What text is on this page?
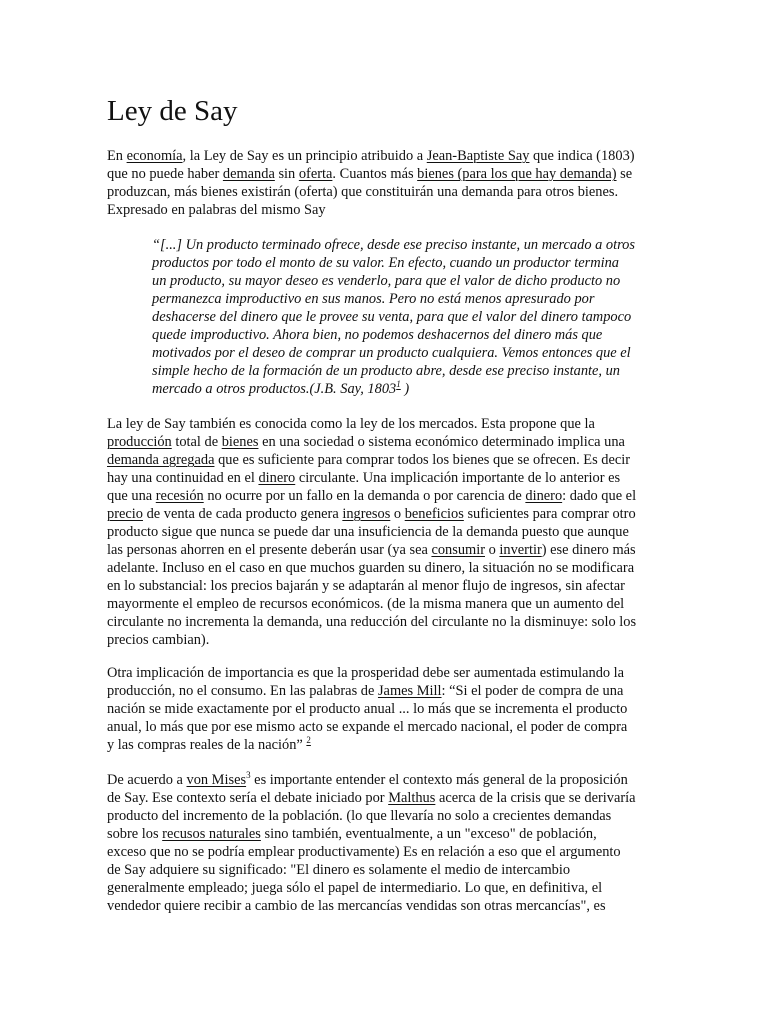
Ley de Say
En economía, la Ley de Say es un principio atribuido a Jean-Baptiste Say que indica (1803)
que no puede haber demanda sin oferta. Cuantos más bienes (para los que hay demanda) se
produzcan, más bienes existirán (oferta) que constituirán una demanda para otros bienes.
Expresado en palabras del mismo Say
“[...] Un producto terminado ofrece, desde ese preciso instante, un mercado a otros
productos por todo el monto de su valor. En efecto, cuando un productor termina
un producto, su mayor deseo es venderlo, para que el valor de dicho producto no
permanezca improductivo en sus manos. Pero no está menos apresurado por
deshacerse del dinero que le provee su venta, para que el valor del dinero tampoco
quede improductivo. Ahora bien, no podemos deshacernos del dinero más que
motivados por el deseo de comprar un producto cualquiera. Vemos entonces que el
simple hecho de la formación de un producto abre, desde ese preciso instante, un
mercado a otros productos.(J.B. Say, 1803$^1$ )
La ley de Say también es conocida como la ley de los mercados. Esta propone que la
producción total de bienes en una sociedad o sistema económico determinado implica una
demanda agregada que es suficiente para comprar todos los bienes que se ofrecen. Es decir
hay una continuidad en el dinero circulante. Una implicación importante de lo anterior es
que una recesión no ocurre por un fallo en la demanda o por carencia de dinero: dado que el
precio de venta de cada producto genera ingresos o beneficios suficientes para comprar otro
producto sigue que nunca se puede dar una insuficiencia de la demanda puesto que aunque
las personas ahorren en el presente deberán usar (ya sea consumir o invertir) ese dinero más
adelante. Incluso en el caso en que muchos guarden su dinero, la situación no se modificara
en lo substancial: los precios bajarán y se adaptarán al menor flujo de ingresos, sin afectar
mayormente el empleo de recursos económicos. (de la misma manera que un aumento del
circulante no incrementa la demanda, una reducción del circulante no la disminuye: solo los
precios cambian).
Otra implicación de importancia es que la prosperidad debe ser aumentada estimulando la
producción, no el consumo. En las palabras de James Mill: “Si el poder de compra de una
nación se mide exactamente por el producto anual ... lo más que se incrementa el producto
anual, lo más que por ese mismo acto se expande el mercado nacional, el poder de compra
y las compras reales de la nación” $^2$
De acuerdo a von Mises$^3$ es importante entender el contexto más general de la proposición
de Say. Ese contexto sería el debate iniciado por Malthus acerca de la crisis que se derivaría
producto del incremento de la población. (lo que llevaría no solo a crecientes demandas
sobre los recusos naturales sino también, eventualmente, a un "exceso" de población,
exceso que no se podría emplear productivamente) Es en relación a eso que el argumento
de Say adquiere su significado: "El dinero es solamente el medio de intercambio
generalmente empleado; juega sólo el papel de intermediario. Lo que, en definitiva, el
vendedor quiere recibir a cambio de las mercancías vendidas son otras mercancías", es
